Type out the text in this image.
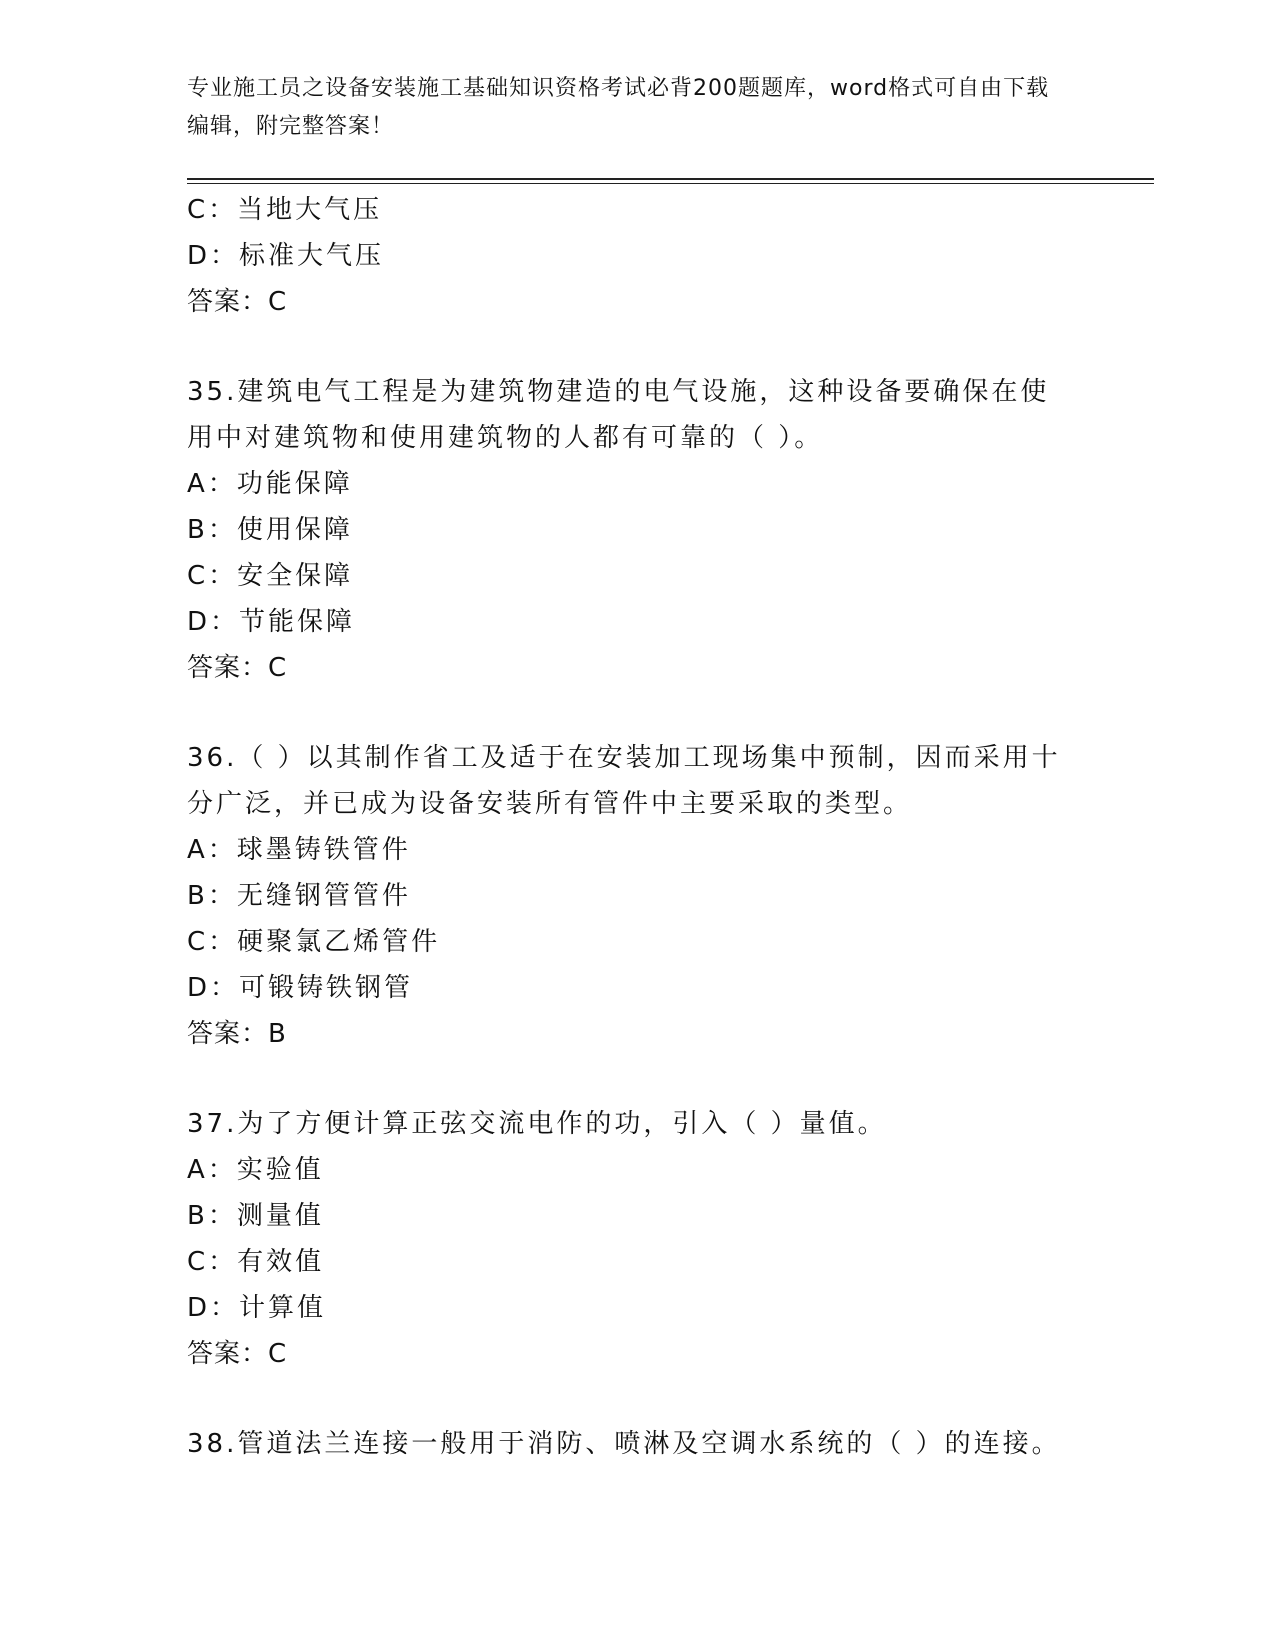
专业施工员之设备安装施工基础知识资格考试必背200题题库，word格式可自由下载编辑，附完整答案！
C：当地大气压
D：标准大气压
答案：C
35.建筑电气工程是为建筑物建造的电气设施，这种设备要确保在使用中对建筑物和使用建筑物的人都有可靠的（ ）。
A：功能保障
B：使用保障
C：安全保障
D：节能保障
答案：C
36.（ ）以其制作省工及适于在安装加工现场集中预制，因而采用十分广泛，并已成为设备安装所有管件中主要采取的类型。
A：球墨铸铁管件
B：无缝钢管管件
C：硬聚氯乙烯管件
D：可锻铸铁钢管
答案：B
37.为了方便计算正弦交流电作的功，引入（ ）量值。
A：实验值
B：测量值
C：有效值
D：计算值
答案：C
38.管道法兰连接一般用于消防、喷淋及空调水系统的（ ）的连接。
